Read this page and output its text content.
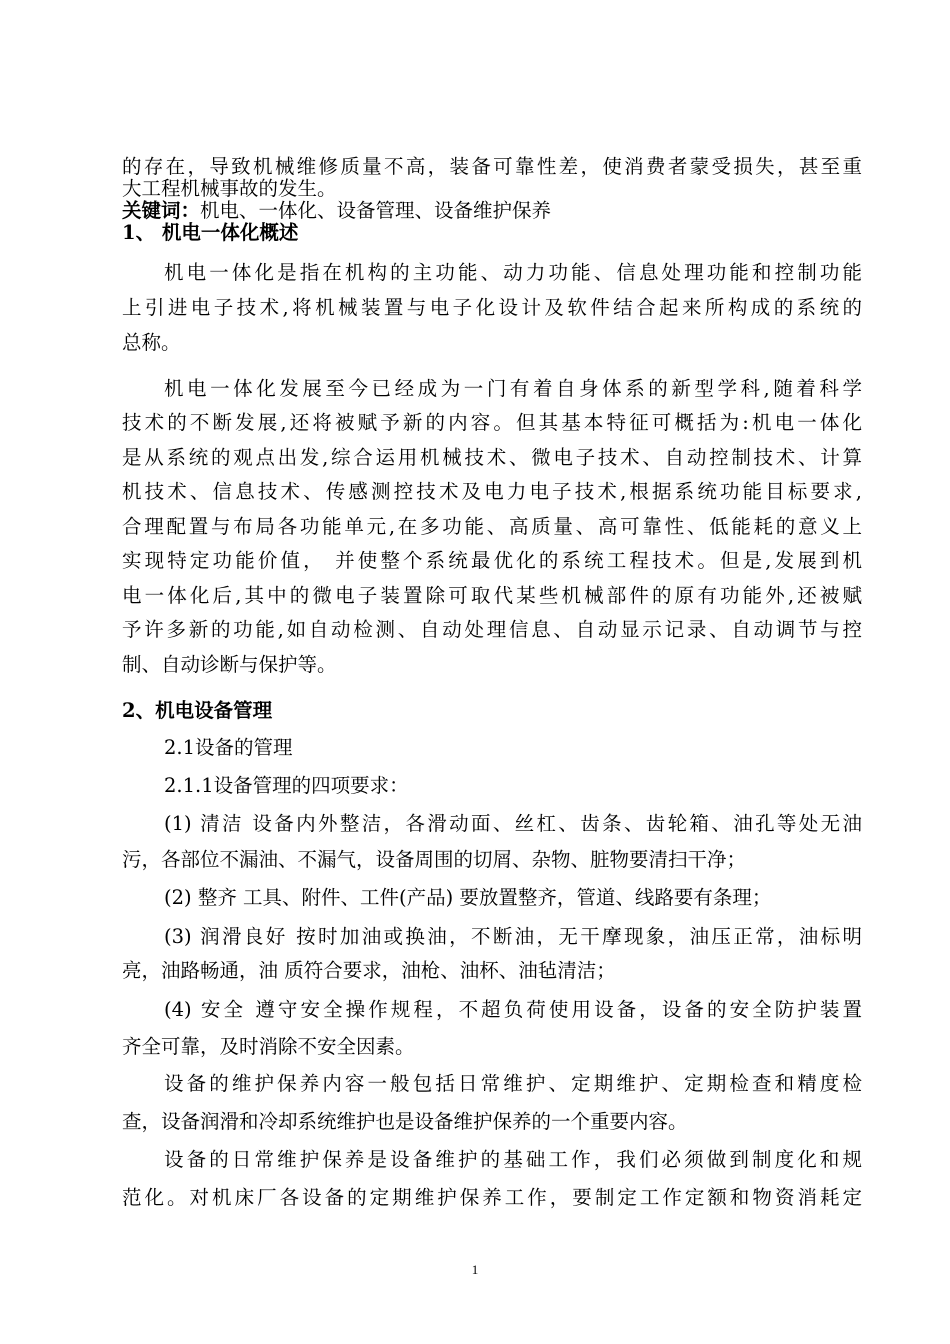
的存在，导致机械维修质量不高，装备可靠性差，使消费者蒙受损失，甚至重
大工程机械事故的发生。
关键词：机电、一体化、设备管理、设备维护保养
1、 机电一体化概述
机电一体化是指在机构的主功能、动力功能、信息处理功能和控制功能
上引进电子技术,将机械装置与电子化设计及软件结合起来所构成的系统的
总称。
机电一体化发展至今已经成为一门有着自身体系的新型学科,随着科学
技术的不断发展,还将被赋予新的内容。但其基本特征可概括为:机电一体化
是从系统的观点出发,综合运用机械技术、微电子技术、自动控制技术、计算
机技术、信息技术、传感测控技术及电力电子技术,根据系统功能目标要求,
合理配置与布局各功能单元,在多功能、高质量、高可靠性、低能耗的意义上
实现特定功能价值， 并使整个系统最优化的系统工程技术。但是,发展到机
电一体化后,其中的微电子装置除可取代某些机械部件的原有功能外,还被赋
予许多新的功能,如自动检测、自动处理信息、自动显示记录、自动调节与控
制、自动诊断与保护等。
2、机电设备管理
2.1设备的管理
2.1.1设备管理的四项要求：
(1) 清洁 设备内外整洁，各滑动面、丝杠、齿条、齿轮箱、油孔等处无油
污，各部位不漏油、不漏气，设备周围的切屑、杂物、脏物要清扫干净；
(2) 整齐 工具、附件、工件(产品) 要放置整齐，管道、线路要有条理；
(3) 润滑良好 按时加油或换油，不断油，无干摩现象，油压正常，油标明
亮，油路畅通，油 质符合要求，油枪、油杯、油毡清洁；
(4) 安全 遵守安全操作规程，不超负荷使用设备，设备的安全防护装置
齐全可靠，及时消除不安全因素。
设备的维护保养内容一般包括日常维护、定期维护、定期检查和精度检
查，设备润滑和冷却系统维护也是设备维护保养的一个重要内容。
设备的日常维护保养是设备维护的基础工作，我们必须做到制度化和规
范化。对机床厂各设备的定期维护保养工作，要制定工作定额和物资消耗定
1
